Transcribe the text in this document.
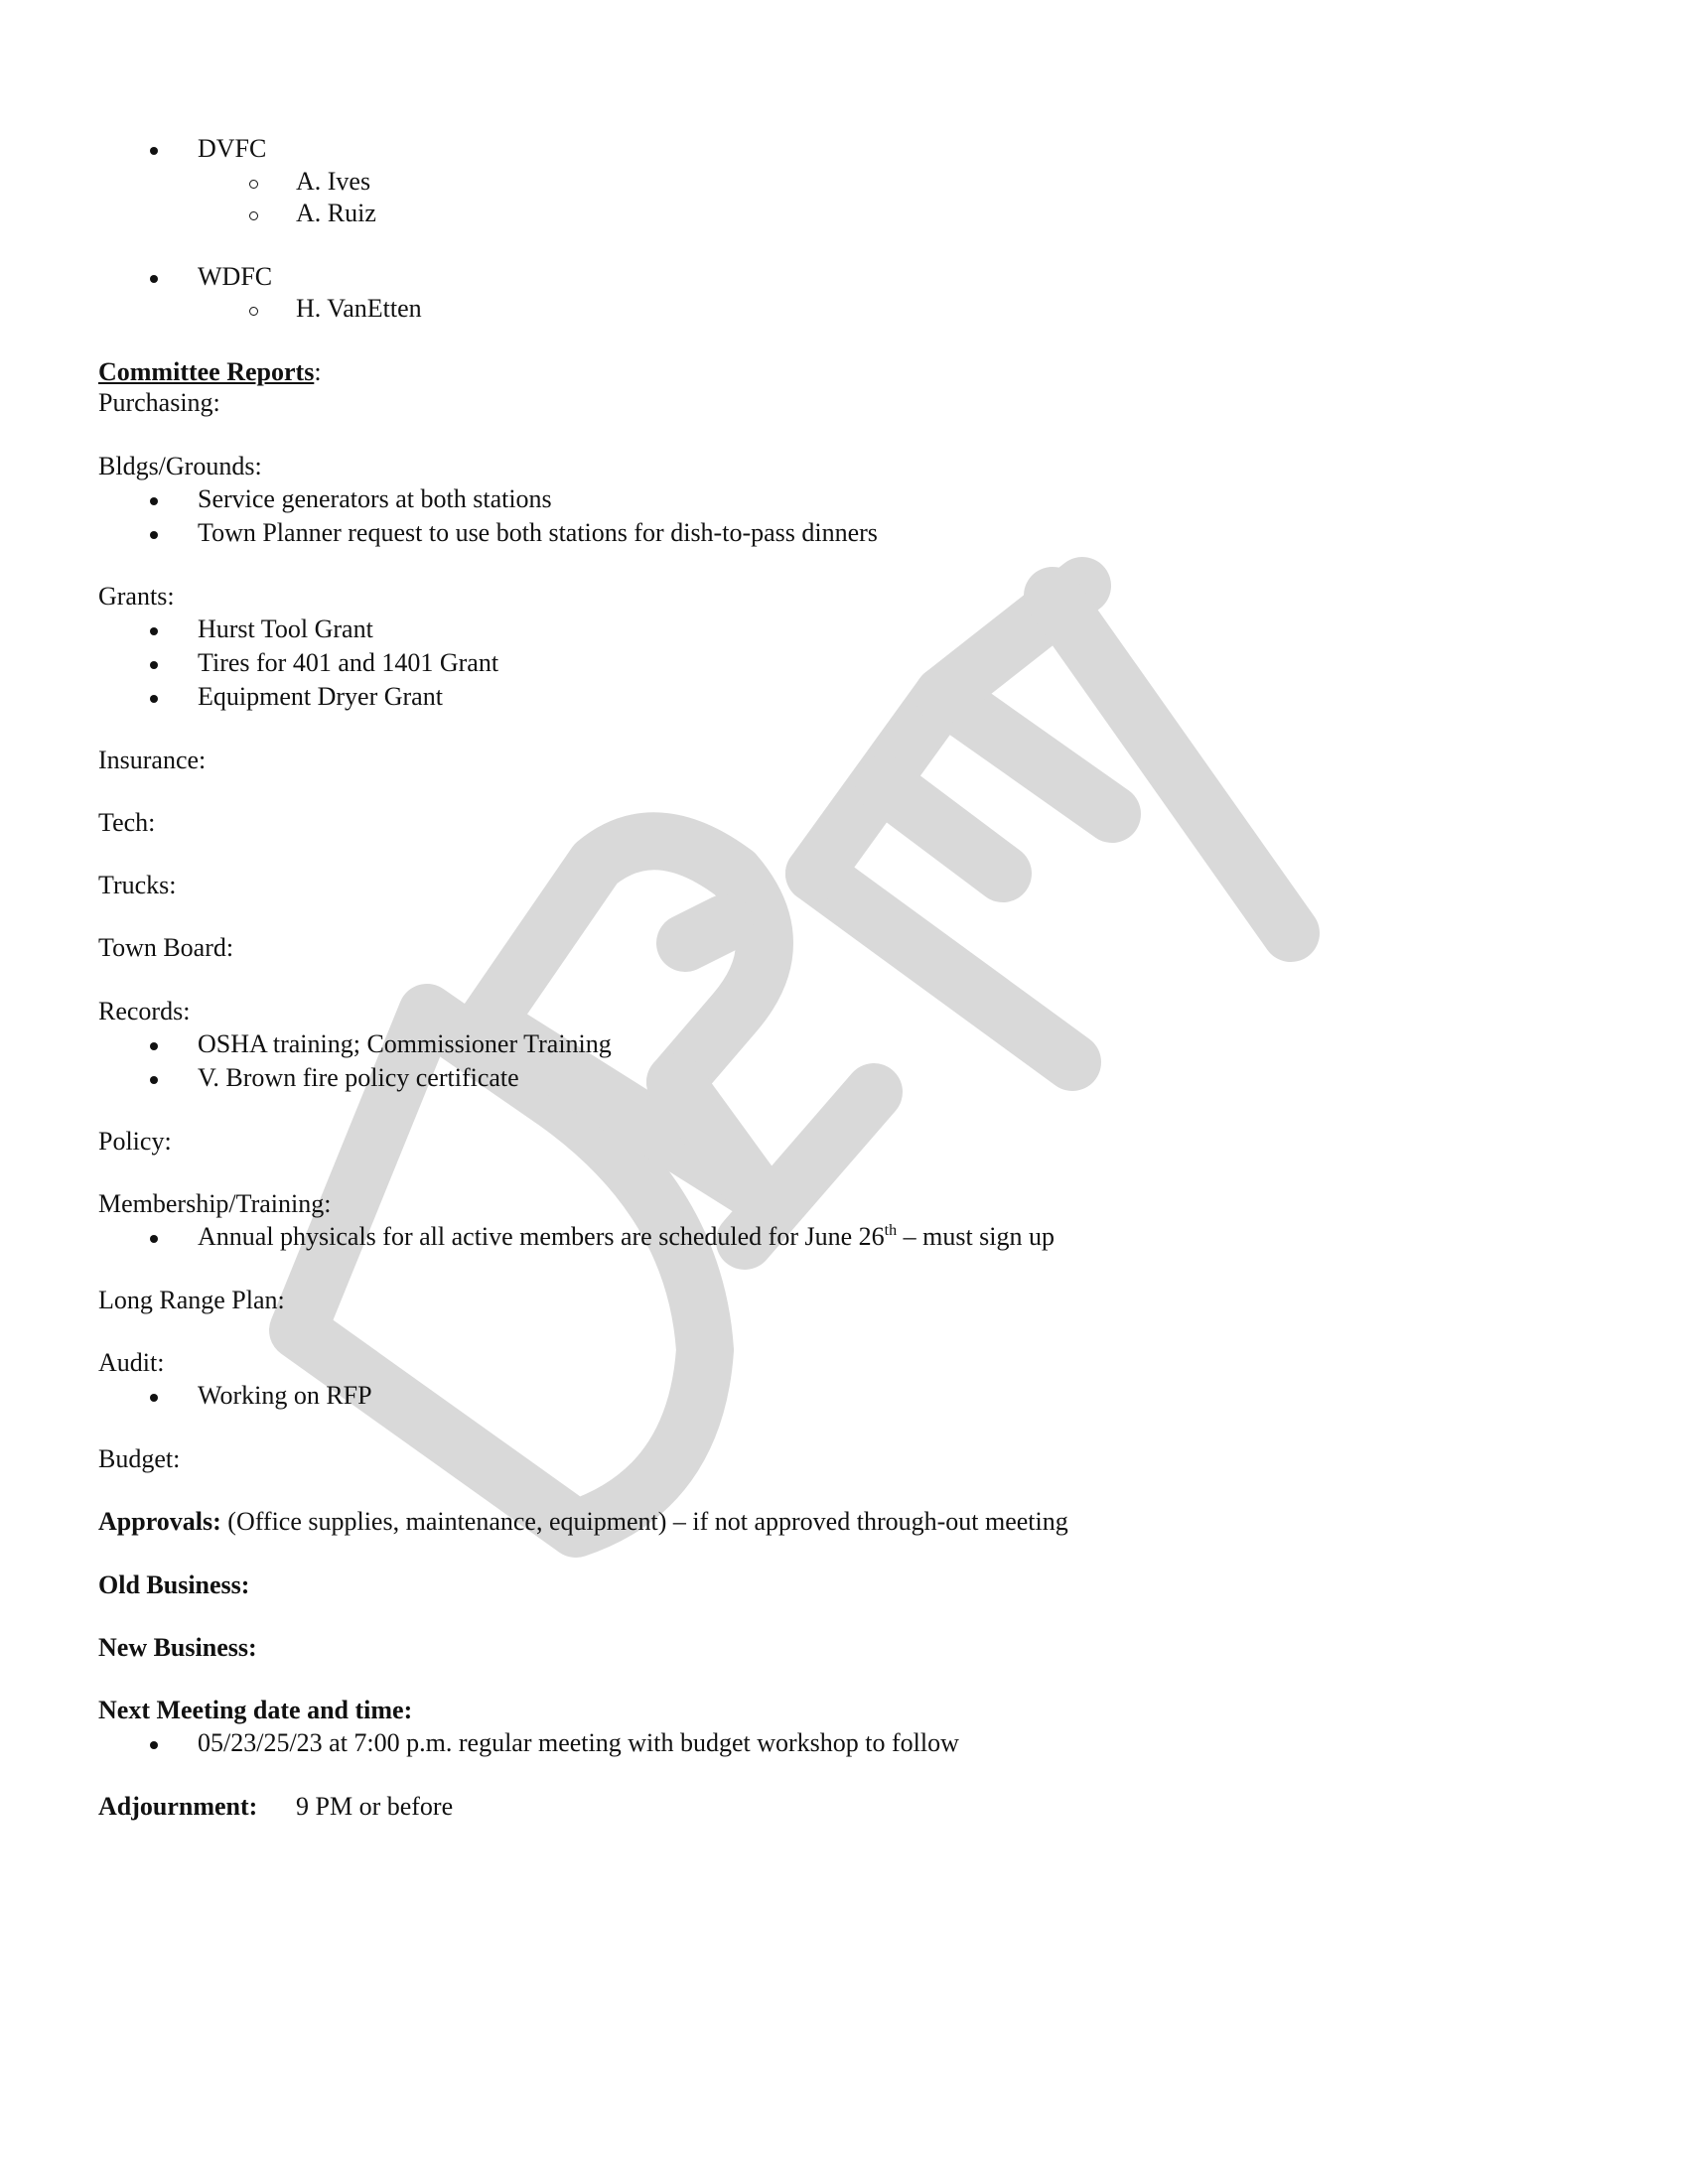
DVFC
A. Ives
A. Ruiz
WDFC
H. VanEtten
Committee Reports:
Purchasing:
Bldgs/Grounds:
Service generators at both stations
Town Planner request to use both stations for dish-to-pass dinners
Grants:
Hurst Tool Grant
Tires for 401 and 1401 Grant
Equipment Dryer Grant
Insurance:
Tech:
Trucks:
Town Board:
Records:
OSHA training; Commissioner Training
V. Brown fire policy certificate
Policy:
Membership/Training:
Annual physicals for all active members are scheduled for June 26th – must sign up
Long Range Plan:
Audit:
Working on RFP
Budget:
Approvals: (Office supplies, maintenance, equipment) – if not approved through-out meeting
Old Business:
New Business:
Next Meeting date and time:
05/23/25/23 at 7:00 p.m. regular meeting with budget workshop to follow
Adjournment: 9 PM or before
